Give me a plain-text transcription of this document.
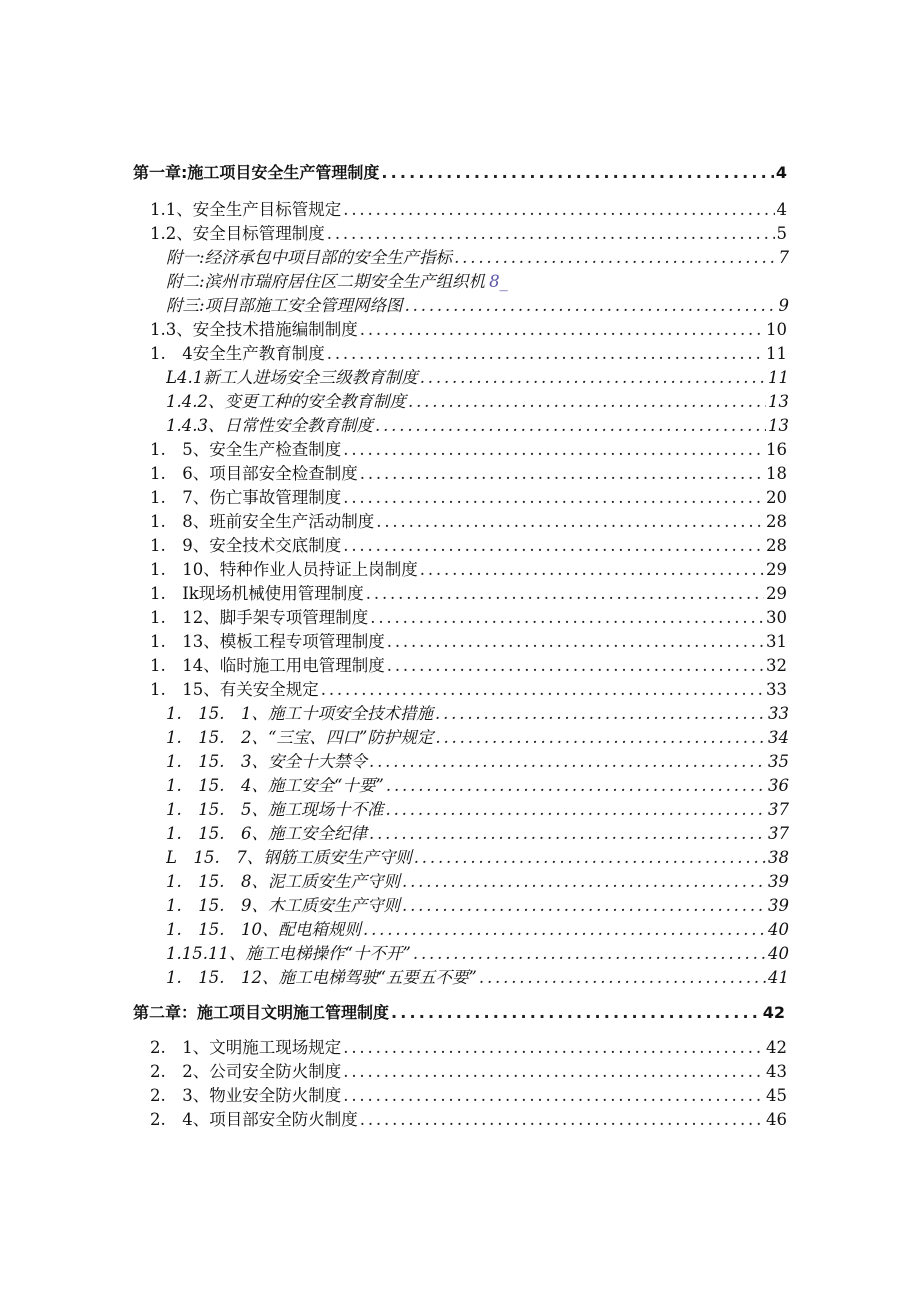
第一章:施工项目安全生产管理制度 . . .	4
1.1、安全生产目标管规定 . . .	4
1.2、安全目标管理制度 . . .	5
附一:经济承包中项目部的安全生产指标 . . .	7
附二:滨州市瑞府居住区二期安全生产组织机 8_
附三:项目部施工安全管理网络图 . . .	9
1.3、安全技术措施编制制度 . . .	10
1.　4安全生产教育制度 . . .	11
L4.1新工人进场安全三级教育制度 . . .	11
1.4.2、变更工种的安全教育制度 . . .	13
1.4.3、日常性安全教育制度 . . .	13
1.　5、安全生产检查制度 . . .	16
1.　6、项目部安全检查制度 . . .	18
1.　7、伤亡事故管理制度 . . .	20
1.　8、班前安全生产活动制度 . . .	28
1.　9、安全技术交底制度 . . .	28
1.　10、特种作业人员持证上岗制度 . . .	29
1.　Ik现场机械使用管理制度 . . .	29
1.　12、脚手架专项管理制度 . . .	30
1.　13、模板工程专项管理制度 . . .	31
1.　14、临时施工用电管理制度 . . .	32
1.　15、有关安全规定 . . .	33
1.　15.　1、施工十项安全技术措施 . . .	33
1.　15.　2、“三宝、四口”防护规定 . . .	34
1.　15.　3、安全十大禁令 . . .	35
1.　15.　4、施工安全“十要” . . .	36
1.　15.　5、施工现场十不准 . . .	37
1.　15.　6、施工安全纪律 . . .	37
L　15.　7、钢筋工质安生产守则 . . .	38
1.　15.　8、泥工质安生产守则 . . .	39
1.　15.　9、木工质安生产守则 . . .	39
1.　15.　10、配电箱规则 . . .	40
1.15.11、施工电梯操作“十不开” . . .	40
1.　15.　12、施工电梯驾驶“五要五不要” . . .	41
第二章：施工项目文明施工管理制度 . . .	42
2.　1、文明施工现场规定 . . .	42
2.　2、公司安全防火制度 . . .	43
2.　3、物业安全防火制度 . . .	45
2.　4、项目部安全防火制度 . . .	46
